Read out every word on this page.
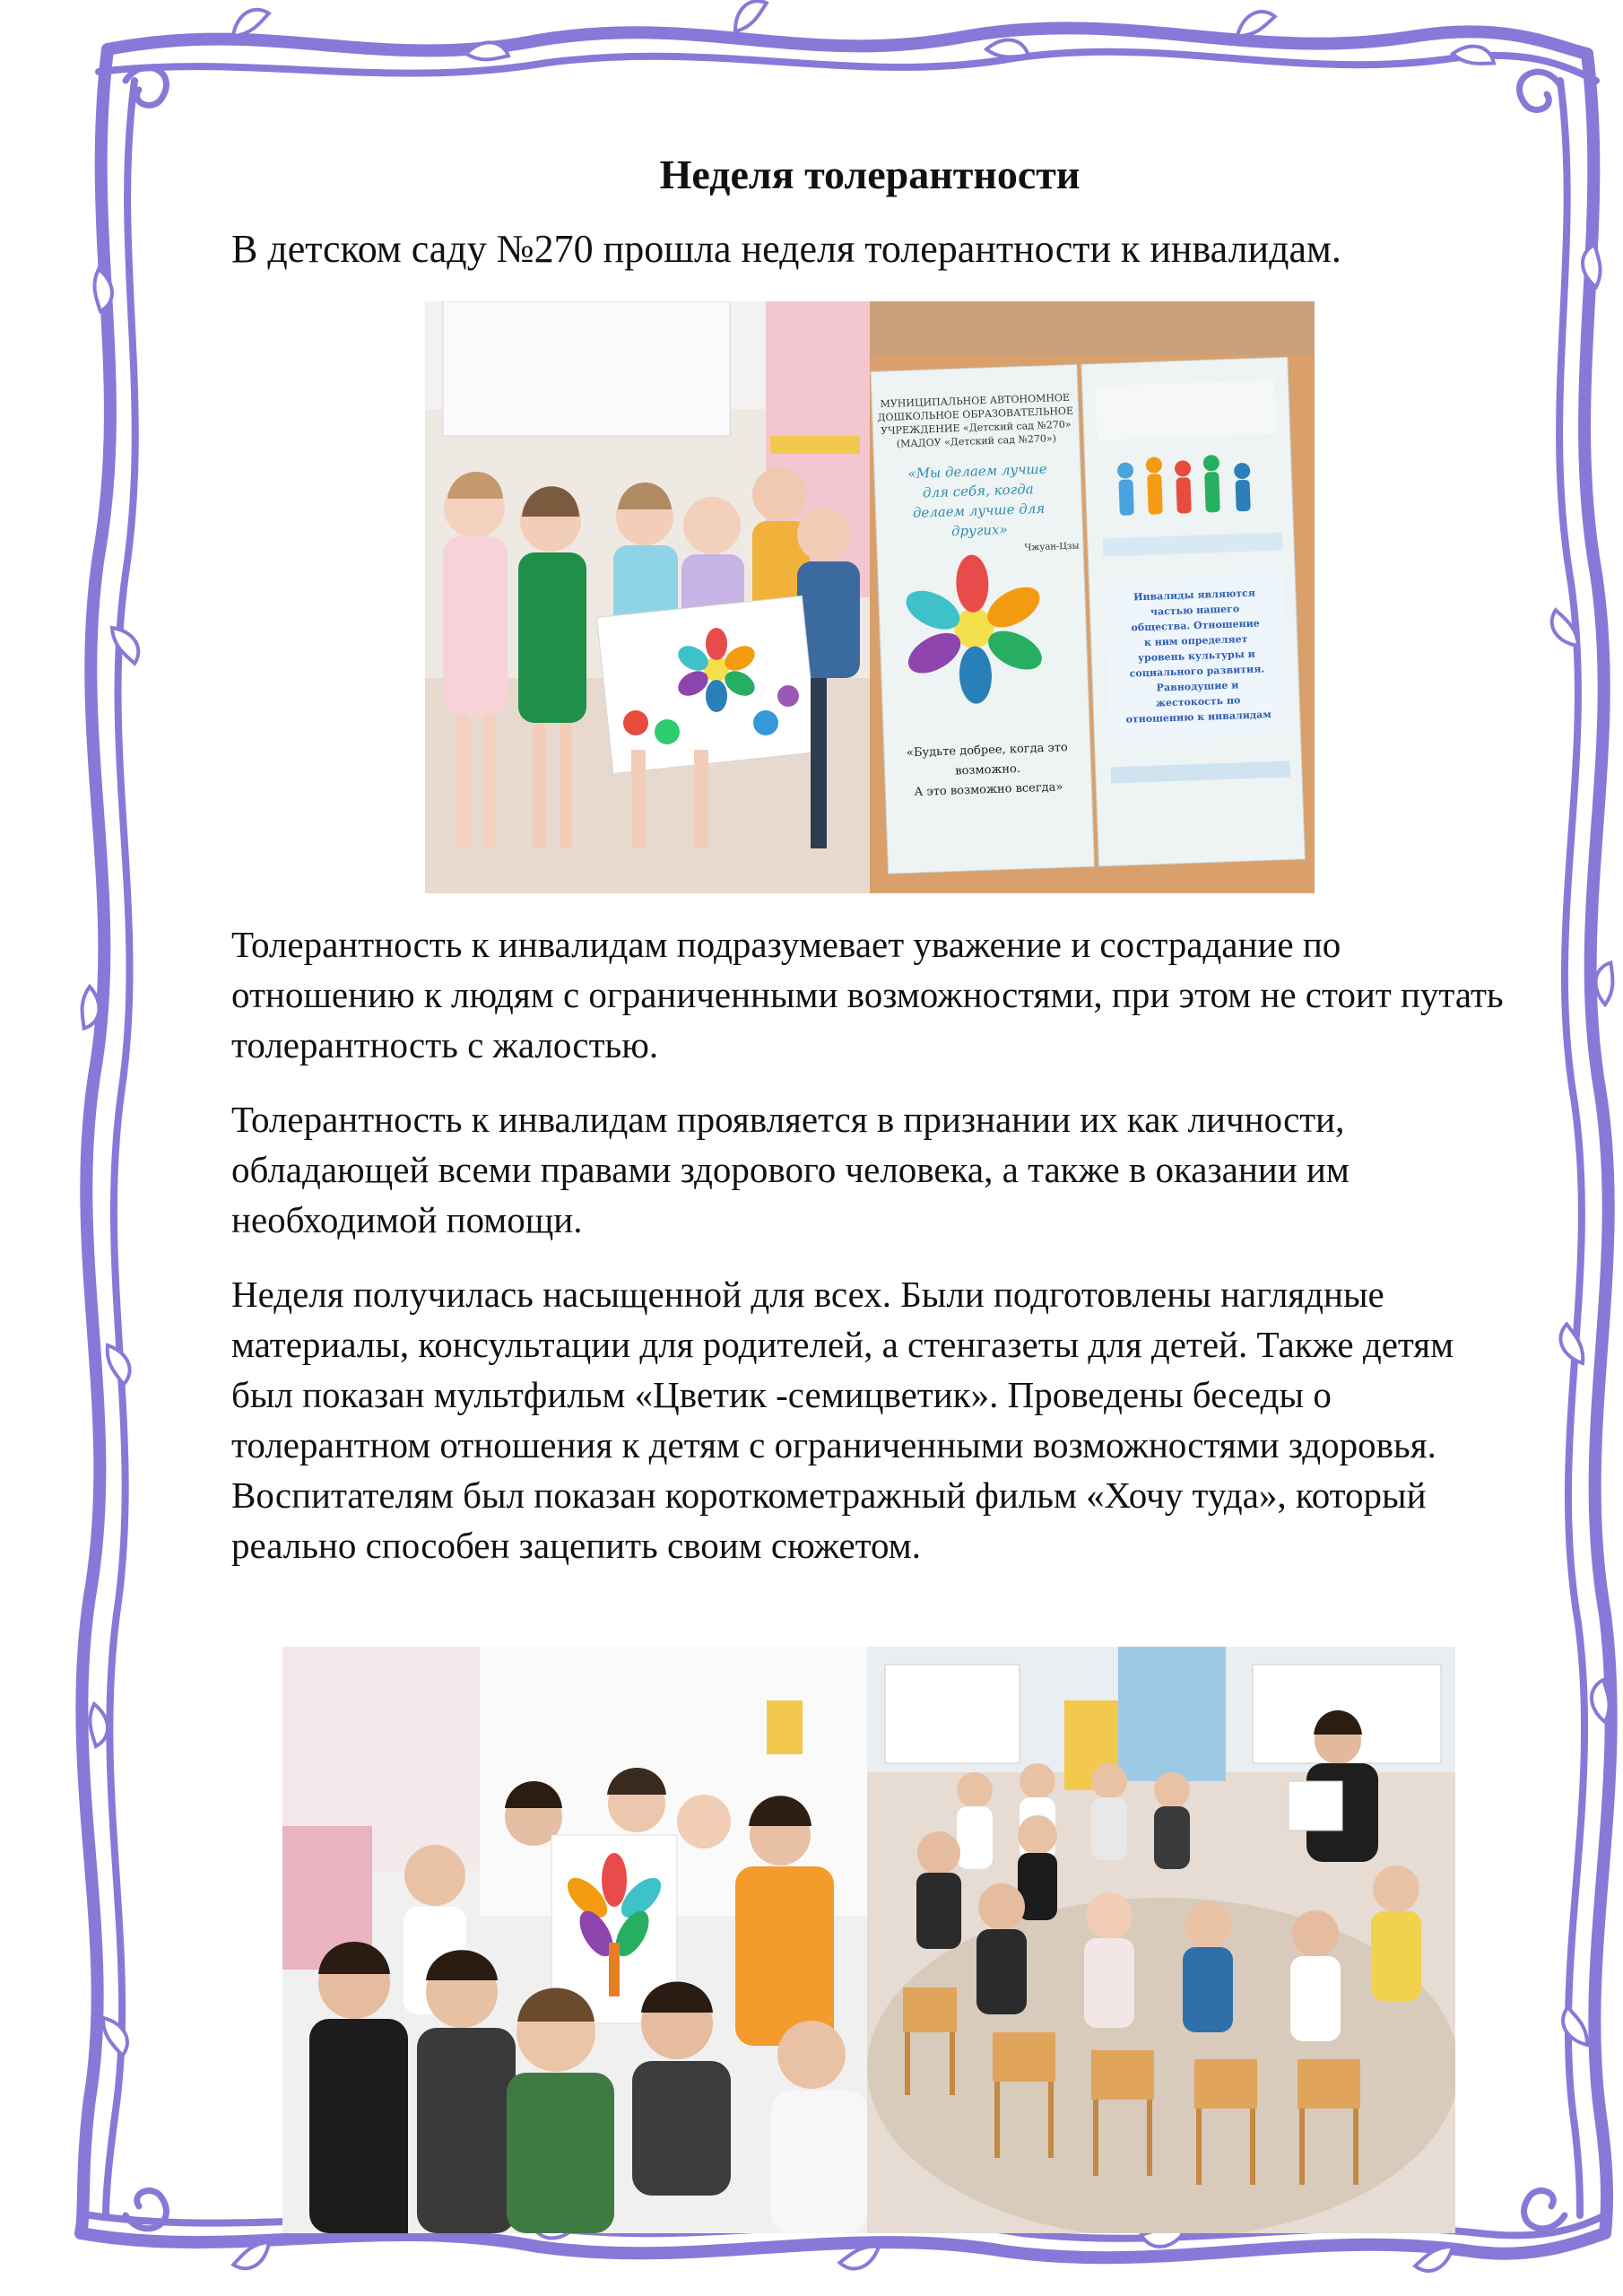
Неделя толерантности
В детском саду №270 прошла неделя толерантности к инвалидам.
МУНИЦИПАЛЬНОЕ АВТОНОМНОЕ
ДОШКОЛЬНОЕ ОБРАЗОВАТЕЛЬНОЕ
УЧРЕЖДЕНИЕ «Детский сад №270»
(МАДОУ «Детский сад №270»)
«Мы делаем лучше
для себя, когда
делаем лучше для
других»
Чжуан-Цзы
«Будьте добрее, когда это
возможно.
А это возможно всегда»
Инвалиды являются
частью нашего
общества. Отношение
к ним определяет
уровень культуры и
социального развития.
Равнодушие и
жестокость по
отношению к инвалидам

Толерантность к инвалидам подразумевает уважение и сострадание по отношению к людям с ограниченными возможностями, при этом не стоит путать толерантность с жалостью.

Толерантность к инвалидам проявляется в признании их как личности, обладающей всеми правами здорового человека, а также в оказании им необходимой помощи.

Неделя получилась насыщенной для всех. Были подготовлены наглядные материалы, консультации для родителей, а стенгазеты для детей. Также детям был показан мультфильм «Цветик -семицветик». Проведены беседы о толерантном отношения к детям с ограниченными возможностями здоровья. Воспитателям был показан короткометражный фильм «Хочу туда», который реально способен зацепить своим сюжетом.
